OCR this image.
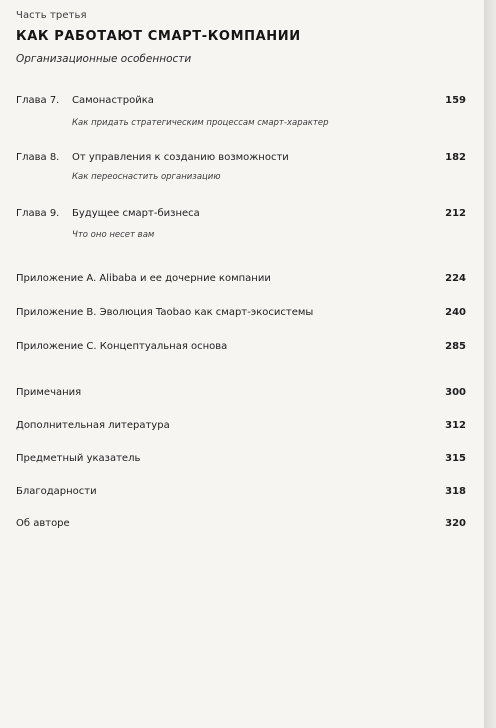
Часть третья
КАК РАБОТАЮТ СМАРТ-КОМПАНИИ
Организационные особенности
Глава 7. Самонастройка	159
Как придать стратегическим процессам смарт-характер
Глава 8. От управления к созданию возможности	182
Как переоснастить организацию
Глава 9. Будущее смарт-бизнеса	212
Что оно несет вам
Приложение A. Alibaba и ее дочерние компании	224
Приложение B. Эволюция Taobao как смарт-экосистемы	240
Приложение C. Концептуальная основа	285
Примечания	300
Дополнительная литература	312
Предметный указатель	315
Благодарности	318
Об авторе	320
